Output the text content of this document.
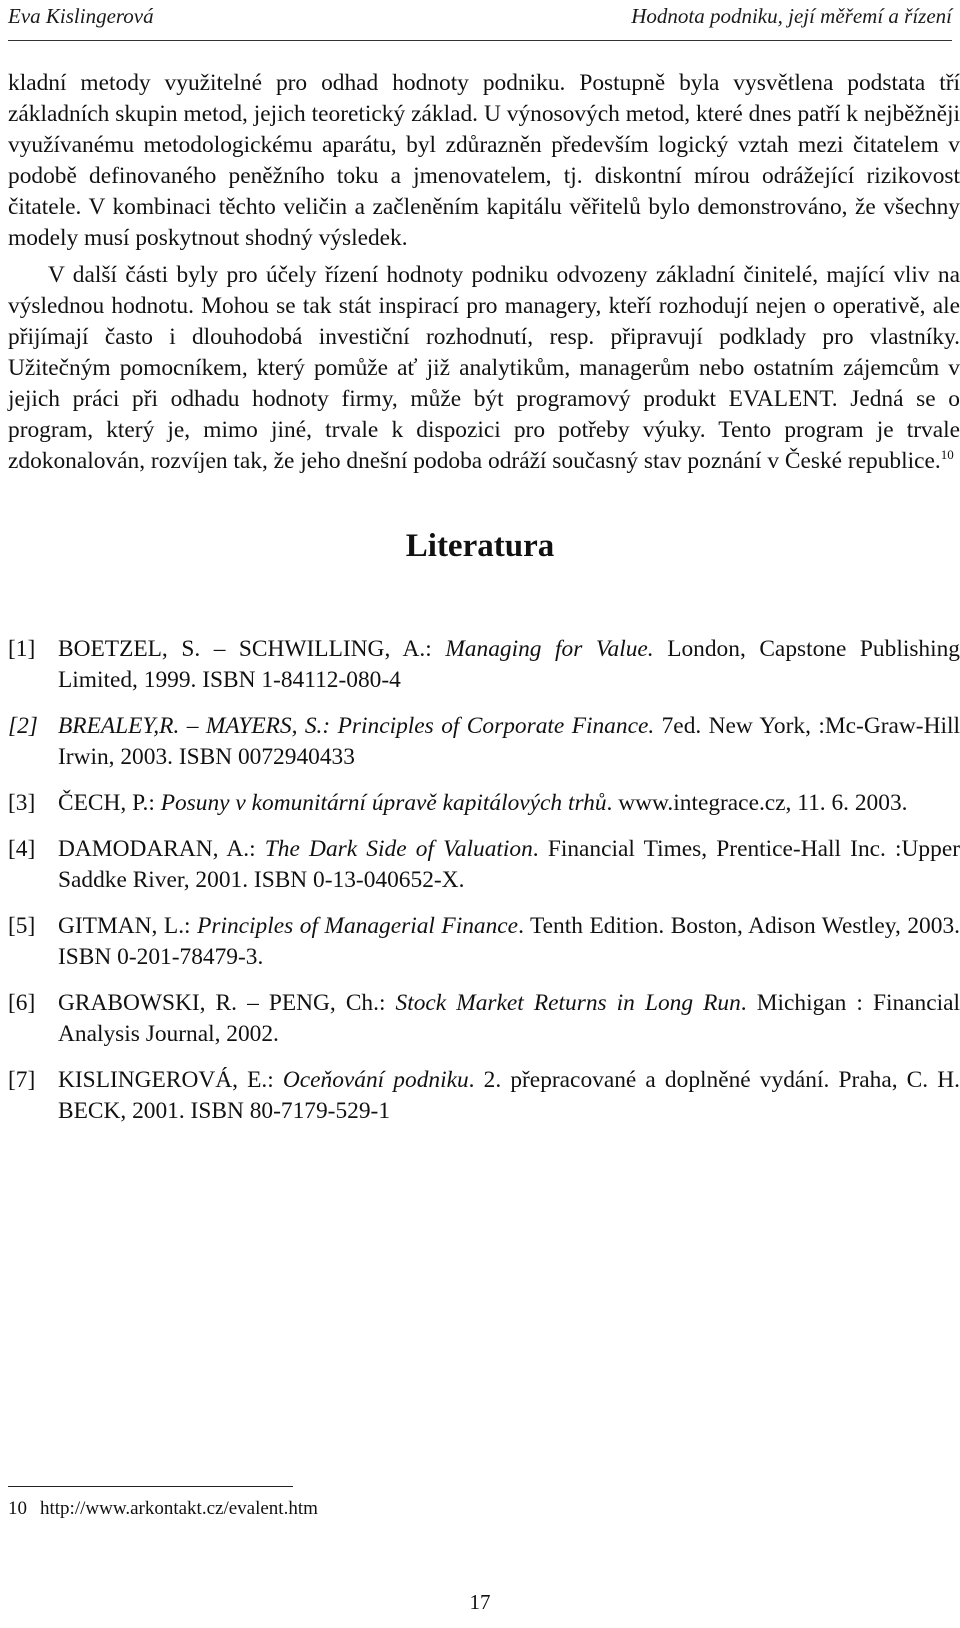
Eva Kislingerová	Hodnota podniku, její měřemí a řízení

kladní metody využitelné pro odhad hodnoty podniku. Postupně byla vysvětlena podstata tří základních skupin metod, jejich teoretický základ. U výnosových metod, které dnes patří k nejběžněji využívanému metodologickému aparátu, byl zdůrazněn především logický vztah mezi čitatelem v podobě definovaného peněžního toku a jmenovatelem, tj. diskontní mírou odrážející rizikovost čitatele. V kombinaci těchto veličin a začleněním kapitálu věřitelů bylo demonstrováno, že všechny modely musí poskytnout shodný výsledek.

V další části byly pro účely řízení hodnoty podniku odvozeny základní činitelé, mající vliv na výslednou hodnotu. Mohou se tak stát inspirací pro managery, kteří rozhodují nejen o operativě, ale přijímají často i dlouhodobá investiční rozhodnutí, resp. připravují podklady pro vlastníky. Užitečným pomocníkem, který pomůže ať již analytikům, managerům nebo ostatním zájemcům v jejich práci při odhadu hodnoty firmy, může být programový produkt EVALENT. Jedná se o program, který je, mimo jiné, trvale k dispozici pro potřeby výuky. Tento program je trvale zdokonalován, rozvíjen tak, že jeho dnešní podoba odráží současný stav poznání v České republice.$^{10}$

Literatura
[1] BOETZEL, S. – SCHWILLING, A.: Managing for Value. London, Capstone Publishing Limited, 1999. ISBN 1-84112-080-4
[2] BREALEY,R. – MAYERS, S.: Principles of Corporate Finance. 7ed. New York, :Mc-Graw-Hill Irwin, 2003. ISBN 0072940433
[3] ČECH, P.: Posuny v komunitární úpravě kapitálových trhů. www.integrace.cz, 11. 6. 2003.
[4] DAMODARAN, A.: The Dark Side of Valuation. Financial Times, Prentice-Hall Inc. :Upper Saddke River, 2001. ISBN 0-13-040652-X.
[5] GITMAN, L.: Principles of Managerial Finance. Tenth Edition. Boston, Adison Westley, 2003. ISBN 0-201-78479-3.
[6] GRABOWSKI, R. – PENG, Ch.: Stock Market Returns in Long Run. Michigan : Financial Analysis Journal, 2002.
[7] KISLINGEROVÁ, E.: Oceňování podniku. 2. přepracované a doplněné vydání. Praha, C. H. BECK, 2001. ISBN 80-7179-529-1
10 http://www.arkontakt.cz/evalent.htm
17
